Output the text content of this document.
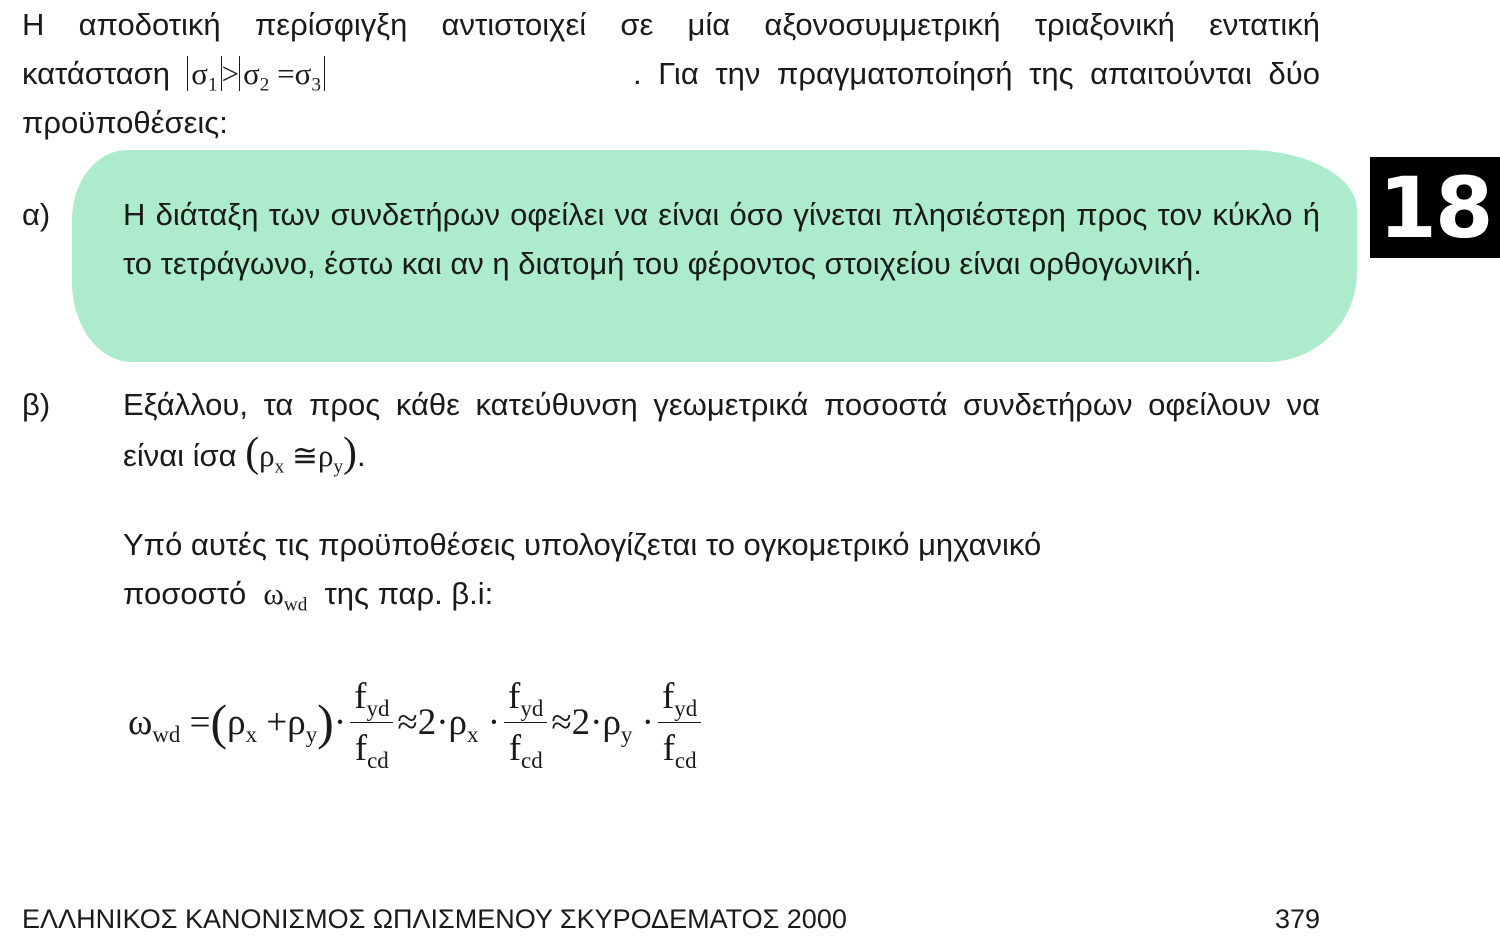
Η αποδοτική περίσφιγξη αντιστοιχεί σε μία αξονοσυμμετρική τριαξονική εντατική
κατάσταση $\sigma_1 > \sigma_2 =\sigma_3$	. Για την πραγματοποίησή της απαιτούνται δύο
προϋποθέσεις:
α) Η διάταξη των συνδετήρων οφείλει να είναι όσο γίνεται πλησιέστερη προς τον κύκλο ή το τετράγωνο, έστω και αν η διατομή του φέροντος στοιχείου είναι ορθογωνική.
β) Εξάλλου, τα προς κάθε κατεύθυνση γεωμετρικά ποσοστά συνδετήρων οφείλουν να είναι ίσα ($\rho_x$ $≅\rho_y$).
Υπό αυτές τις προϋποθέσεις υπολογίζεται το ογκομετρικό μηχανικό
ποσοστό $\omega_{wd}$ της παρ. β.i:
$\omega_{wd}$ = ( $\rho_x +\rho_y$ ) · $\frac{f_{yd}}{f_{cd}} \approx 2\cdot\rho_x \cdot \frac{f_{yd}}{f_{cd}} \approx 2\cdot\rho_y \cdot \frac{f_{yd}}{f_{cd}}$
18
ΕΛΛΗΝΙΚΟΣ ΚΑΝΟΝΙΣΜΟΣ ΩΠΛΙΣΜΕΝΟΥ ΣΚΥΡΟΔΕΜΑΤΟΣ 2000	379
